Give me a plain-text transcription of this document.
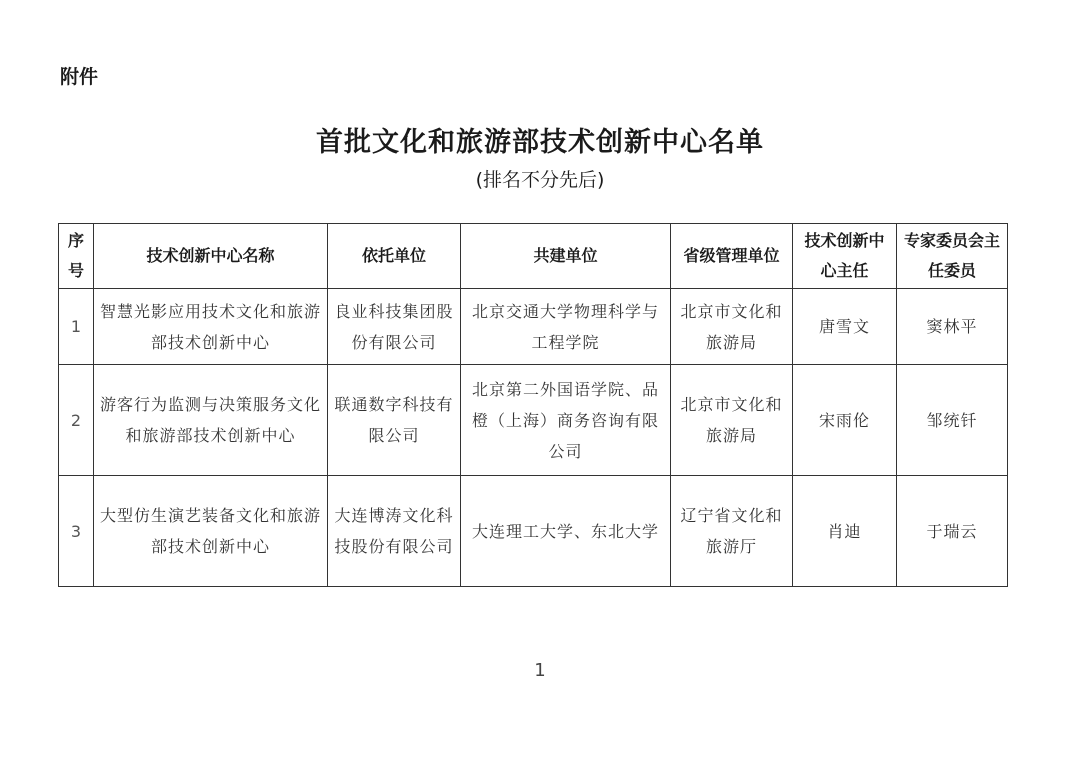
附件
首批文化和旅游部技术创新中心名单
(排名不分先后)
序号	技术创新中心名称	依托单位	共建单位	省级管理单位	技术创新中心主任	专家委员会主任委员
1	智慧光影应用技术文化和旅游部技术创新中心	良业科技集团股份有限公司	北京交通大学物理科学与工程学院	北京市文化和旅游局	唐雪文	窦林平
2	游客行为监测与决策服务文化和旅游部技术创新中心	联通数字科技有限公司	北京第二外国语学院、品橙（上海）商务咨询有限公司	北京市文化和旅游局	宋雨伦	邹统钎
3	大型仿生演艺装备文化和旅游部技术创新中心	大连博涛文化科技股份有限公司	大连理工大学、东北大学	辽宁省文化和旅游厅	肖迪	于瑞云
1
